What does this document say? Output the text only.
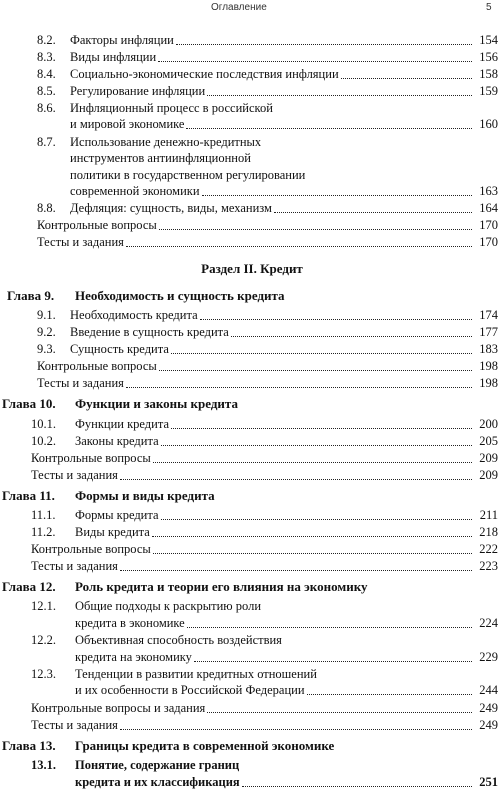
Оглавление	5
8.2. Факторы инфляции	154
8.3. Виды инфляции	156
8.4. Социально-экономические последствия инфляции	158
8.5. Регулирование инфляции	159
8.6. Инфляционный процесс в российской
и мировой экономике	160
8.7. Использование денежно-кредитных
инструментов антиинфляционной
политики в государственном регулировании
современной экономики	163
8.8. Дефляция: сущность, виды, механизм	164
Контрольные вопросы	170
Тесты и задания	170
Раздел II. Кредит
Глава 9. Необходимость и сущность кредита
9.1. Необходимость кредита	174
9.2. Введение в сущность кредита	177
9.3. Сущность кредита	183
Контрольные вопросы	198
Тесты и задания	198
Глава 10. Функции и законы кредита
10.1. Функции кредита	200
10.2. Законы кредита	205
Контрольные вопросы	209
Тесты и задания	209
Глава 11. Формы и виды кредита
11.1. Формы кредита	211
11.2. Виды кредита	218
Контрольные вопросы	222
Тесты и задания	223
Глава 12. Роль кредита и теории его влияния на экономику
12.1. Общие подходы к раскрытию роли
кредита в экономике	224
12.2. Объективная способность воздействия
кредита на экономику	229
12.3. Тенденции в развитии кредитных отношений
и их особенности в Российской Федерации	244
Контрольные вопросы и задания	249
Тесты и задания	249
Глава 13. Границы кредита в современной экономике
13.1. Понятие, содержание границ
кредита и их классификация	251
